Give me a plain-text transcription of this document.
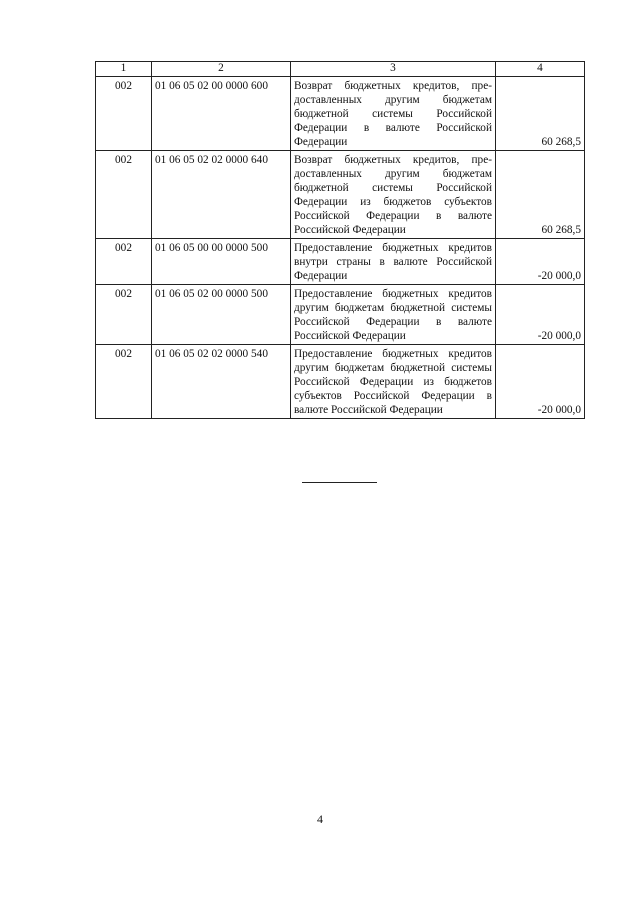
1	2	3	4
002	01 06 05 02 00 0000 600	Возврат бюджетных кредитов, предоставленных другим бюджетам бюджетной системы Российской Федерации в валюте Российской Федерации	60 268,5
002	01 06 05 02 02 0000 640	Возврат бюджетных кредитов, предоставленных другим бюджетам бюджетной системы Российской Федерации из бюджетов субъектов Российской Федерации в валюте Российской Федерации	60 268,5
002	01 06 05 00 00 0000 500	Предоставление бюджетных кредитов внутри страны в валюте Российской Федерации	-20 000,0
002	01 06 05 02 00 0000 500	Предоставление бюджетных кредитов другим бюджетам бюджетной системы Российской Федерации в валюте Российской Федерации	-20 000,0
002	01 06 05 02 02 0000 540	Предоставление бюджетных кредитов другим бюджетам бюджетной системы Российской Федерации из бюджетов субъектов Российской Федерации в валюте Российской Федерации	-20 000,0
4
